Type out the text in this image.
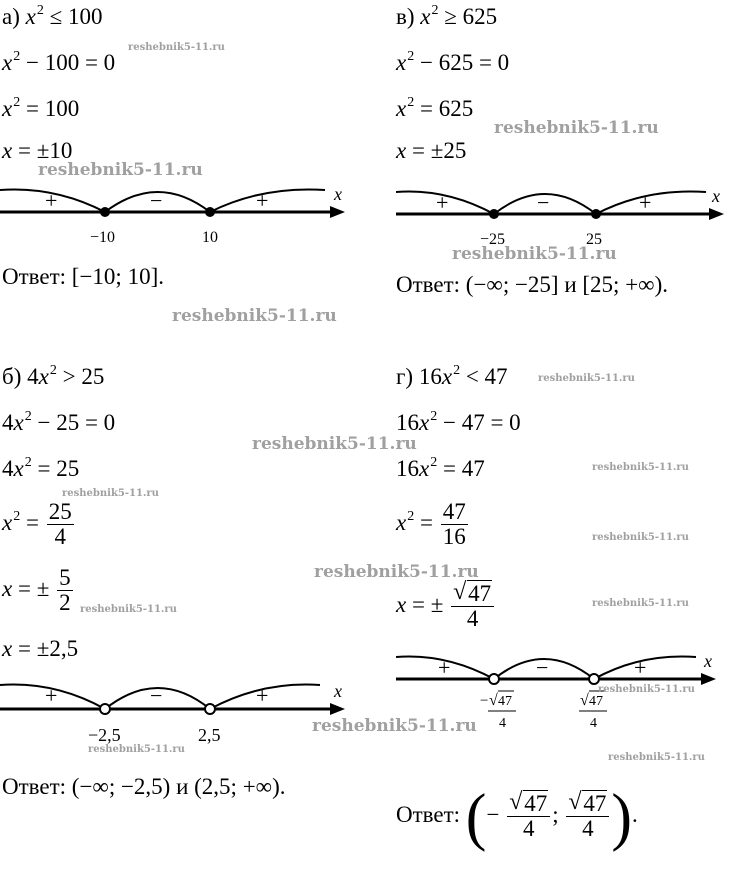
а) $x^2 \le 100$
$x^2 - 100 = 0$
$x^2 = 100$
x = ±10
+	−	+
−10	10
x
Ответ: [−10; 10].
в) $x^2 \ge 625$
$x^2 - 625 = 0$
$x^2 = 625$
x = ±25
+	−	+
−25	25
x
Ответ: (−∞; −25] и [25; +∞).
б) $4x^2 > 25$
$4x^2 - 25 = 0$
$4x^2 = 25$
$x^2 = \frac{25}{4}$
x = ± $\frac{5}{2}$
x = ±2,5
+	−	+
−2,5	2,5
x
Ответ: (−∞; −2,5) и (2,5; +∞).
г) $16x^2 < 47$
$16x^2 - 47 = 0$
$16x^2 = 47$
$x^2 = \frac{47}{16}$
x = ± $\frac{√ 47}{4}$
+	−	+	x
− √ 47
4
√ 47
4
Ответ: (− $\frac{√ 47}{4}$ ; $\frac{√ 47}{4}$ ).
reshebnik5-11.ru
reshebnik5-11.ru
reshebnik5-11.ru
reshebnik5-11.ru
reshebnik5-11.ru
reshebnik5-11.ru
reshebnik5-11.ru
reshebnik5-11.ru
reshebnik5-11.ru
reshebnik5-11.ru
reshebnik5-11.ru
reshebnik5-11.ru
reshebnik5-11.ru
reshebnik5-11.ru
reshebnik5-11.ru
reshebnik5-11.ru
reshebnik5-11.ru
